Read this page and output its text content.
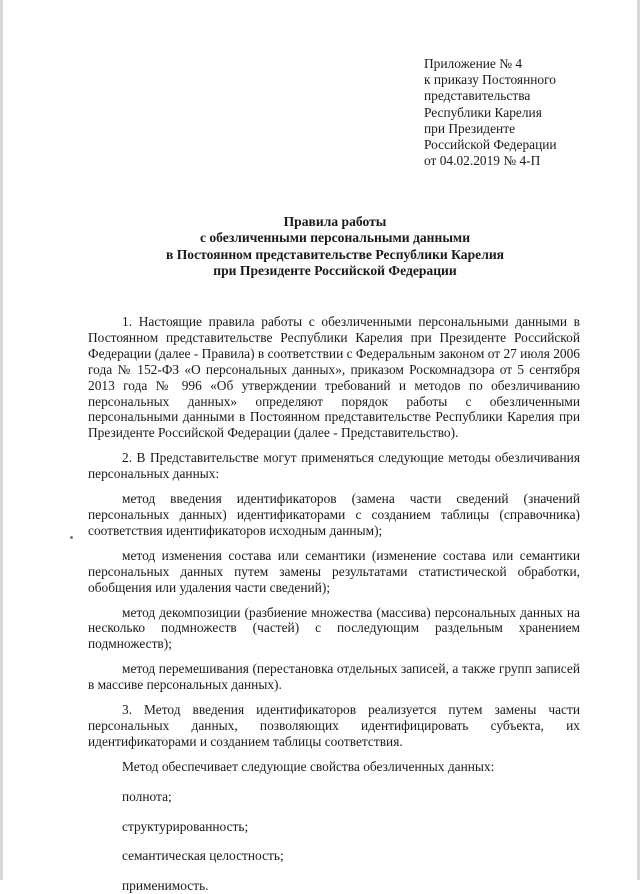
Приложение № 4
к приказу Постоянного
представительства
Республики Карелия
при Президенте
Российской Федерации
от 04.02.2019 № 4-П
Правила работы
с обезличенными персональными данными
в Постоянном представительстве Республики Карелия
при Президенте Российской Федерации

1. Настоящие правила работы с обезличенными персональными данными в Постоянном представительстве Республики Карелия при Президенте Российской Федерации (далее - Правила) в соответствии с Федеральным законом от 27 июля 2006 года № 152-ФЗ «О персональных данных», приказом Роскомнадзора от 5 сентября 2013 года № 996 «Об утверждении требований и методов по обезличиванию персональных данных» определяют порядок работы с обезличенными персональными данными в Постоянном представительстве Республики Карелия при Президенте Российской Федерации (далее - Представительство).

2. В Представительстве могут применяться следующие методы обезличивания персональных данных:

метод введения идентификаторов (замена части сведений (значений персональных данных) идентификаторами с созданием таблицы (справочника) соответствия идентификаторов исходным данным);

метод изменения состава или семантики (изменение состава или семантики персональных данных путем замены результатами статистической обработки, обобщения или удаления части сведений);

метод декомпозиции (разбиение множества (массива) персональных данных на несколько подмножеств (частей) с последующим раздельным хранением подмножеств);

метод перемешивания (перестановка отдельных записей, а также групп записей в массиве персональных данных).

3. Метод введения идентификаторов реализуется путем замены части персональных данных, позволяющих идентифицировать субъекта, их идентификаторами и созданием таблицы соответствия.

Метод обеспечивает следующие свойства обезличенных данных:

полнота;

структурированность;

семантическая целостность;

применимость.
